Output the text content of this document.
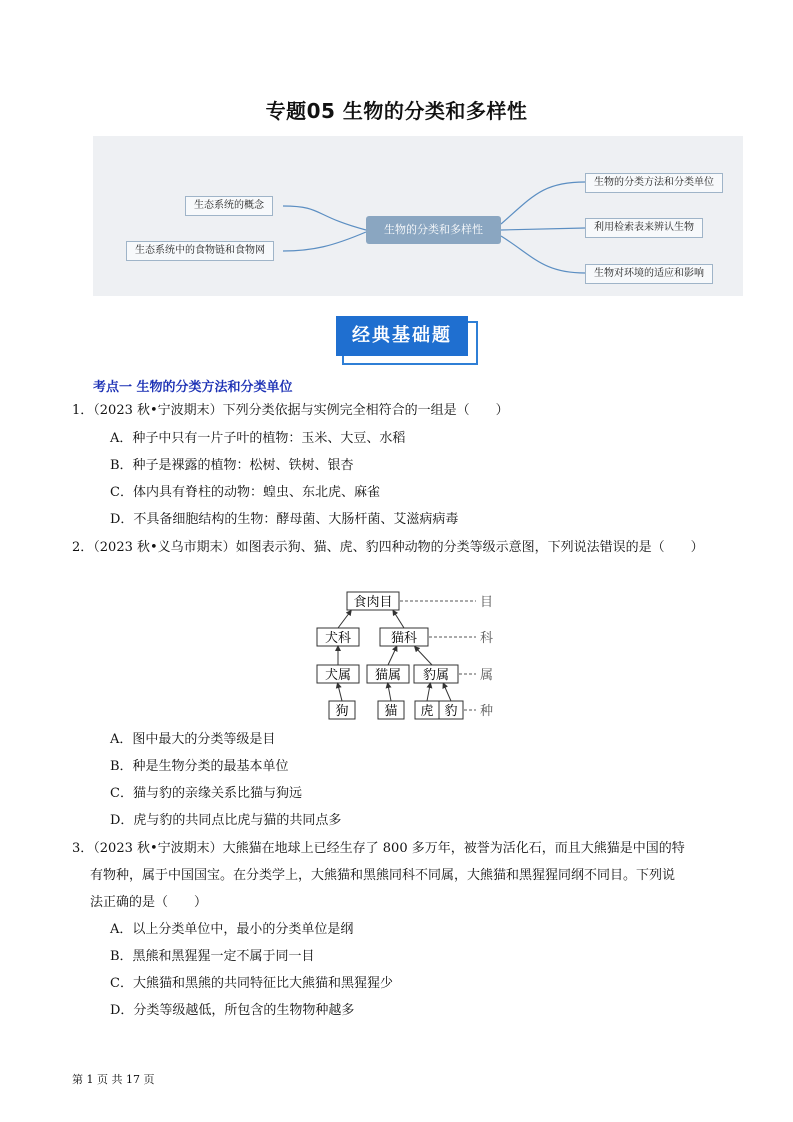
专题05 生物的分类和多样性
生物的分类和多样性
生态系统的概念
生态系统中的食物链和食物网
生物的分类方法和分类单位
利用检索表来辨认生物
生物对环境的适应和影响
经典基础题
考点一 生物的分类方法和分类单位
1．（2023 秋•宁波期末）下列分类依据与实例完全相符合的一组是（　　）
A．种子中只有一片子叶的植物：玉米、大豆、水稻
B．种子是裸露的植物：松树、铁树、银杏
C．体内具有脊柱的动物：蝗虫、东北虎、麻雀
D．不具备细胞结构的生物：酵母菌、大肠杆菌、艾滋病病毒
2．（2023 秋•义乌市期末）如图表示狗、猫、虎、豹四种动物的分类等级示意图，下列说法错误的是（　　）
食肉目
犬科	猫科
犬属 猫属 豹属
狗	猫 虎 豹
目
科
属
种
A．图中最大的分类等级是目
B．种是生物分类的最基本单位
C．猫与豹的亲缘关系比猫与狗远
D．虎与豹的共同点比虎与猫的共同点多
3．（2023 秋•宁波期末）大熊猫在地球上已经生存了 800 多万年，被誉为活化石，而且大熊猫是中国的特
有物种，属于中国国宝。在分类学上，大熊猫和黑熊同科不同属，大熊猫和黑猩猩同纲不同目。下列说
法正确的是（　　）
A．以上分类单位中，最小的分类单位是纲
B．黑熊和黑猩猩一定不属于同一目
C．大熊猫和黑熊的共同特征比大熊猫和黑猩猩少
D．分类等级越低，所包含的生物物种越多
第 1 页 共 17 页
